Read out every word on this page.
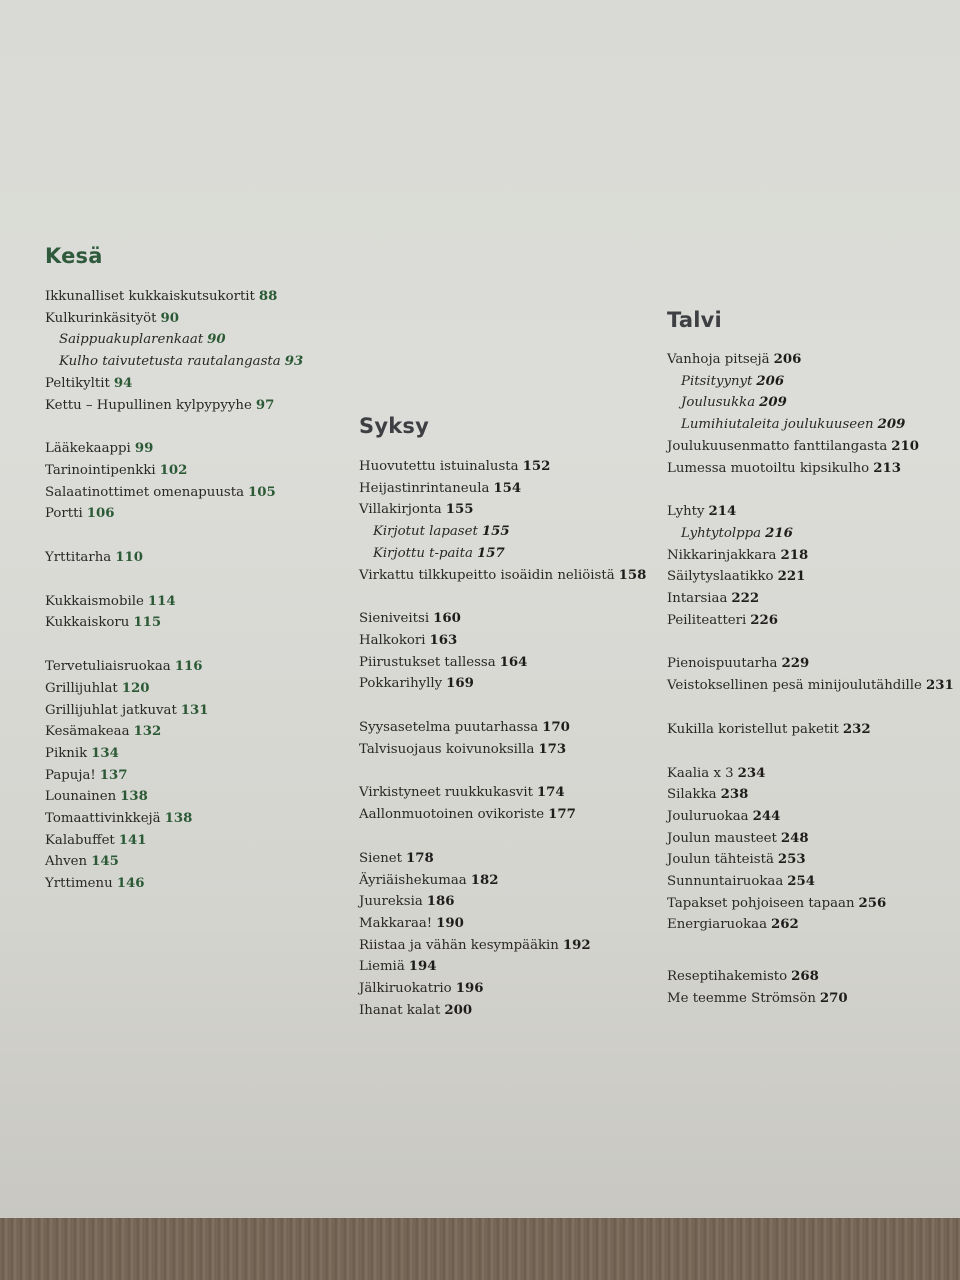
Kesä
Ikkunalliset kukkaiskutsukortit 88
Kulkurinkäsityöt 90
Saippuakuplarenkaat 90
Kulho taivutetusta rautalangasta 93
Peltikyltit 94
Kettu – Hupullinen kylpypyyhe 97
Lääkekaappi 99
Tarinointipenkki 102
Salaatinottimet omenapuusta 105
Portti 106
Yrttitarha 110
Kukkaismobile 114
Kukkaiskoru 115
Tervetuliaisruokaa 116
Grillijuhlat 120
Grillijuhlat jatkuvat 131
Kesämakeaa 132
Piknik 134
Papuja! 137
Lounainen 138
Tomaattivinkkejä 138
Kalabuffet 141
Ahven 145
Yrttimenu 146
Syksy
Huovutettu istuinalusta 152
Heijastinrintaneula 154
Villakirjonta 155
Kirjotut lapaset 155
Kirjottu t-paita 157
Virkattu tilkkupeitto isoäidin neliöistä 158
Sieniveitsi 160
Halkokori 163
Piirustukset tallessa 164
Pokkarihylly 169
Syysasetelma puutarhassa 170
Talvisuojaus koivunoksilla 173
Virkistyneet ruukkukasvit 174
Aallonmuotoinen ovikoriste 177
Sienet 178
Äyriäishekumaa 182
Juureksia 186
Makkaraa! 190
Riistaa ja vähän kesympääkin 192
Liemiä 194
Jälkiruokatrio 196
Ihanat kalat 200
Talvi
Vanhoja pitsejä 206
Pitsityynyt 206
Joulusukka 209
Lumihiutaleita joulukuuseen 209
Joulukuusenmatto fanttilangasta 210
Lumessa muotoiltu kipsikulho 213
Lyhty 214
Lyhtytolppa 216
Nikkarinjakkara 218
Säilytyslaatikko 221
Intarsiaa 222
Peiliteatteri 226
Pienoispuutarha 229
Veistoksellinen pesä minijoulutähdille 231
Kukilla koristellut paketit 232
Kaalia x 3 234
Silakka 238
Jouluruokaa 244
Joulun mausteet 248
Joulun tähteistä 253
Sunnuntairuokaa 254
Tapakset pohjoiseen tapaan 256
Energiaruokaa 262
Reseptihakemisto 268
Me teemme Strömsön 270
